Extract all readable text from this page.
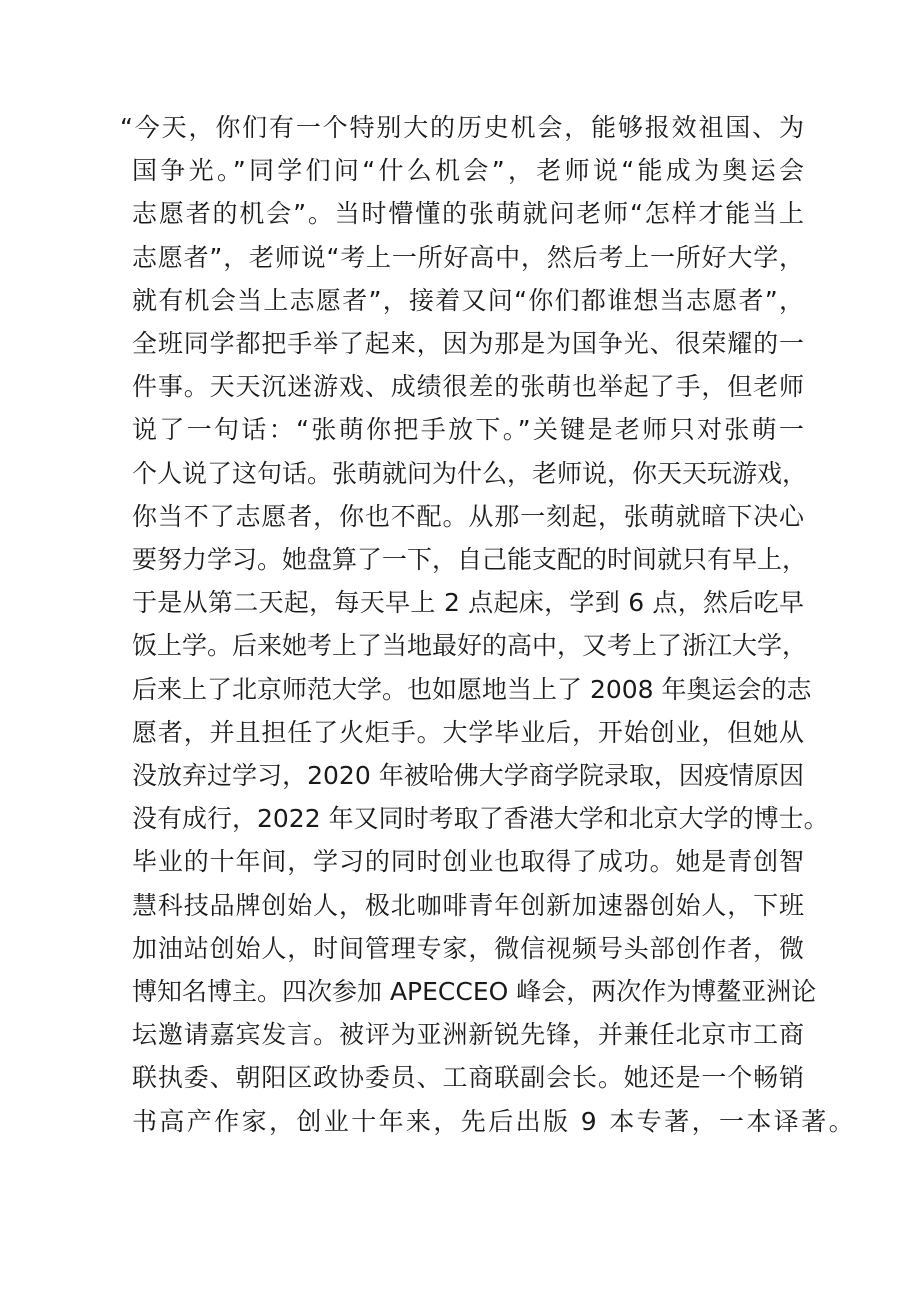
“今天，你们有一个特别大的历史机会，能够报效祖国、为
国争光。”同学们问“什么机会”，老师说“能成为奥运会
志愿者的机会”。当时懵懂的张萌就问老师“怎样才能当上
志愿者”，老师说“考上一所好高中，然后考上一所好大学，
就有机会当上志愿者”，接着又问“你们都谁想当志愿者”，
全班同学都把手举了起来，因为那是为国争光、很荣耀的一
件事。天天沉迷游戏、成绩很差的张萌也举起了手，但老师
说了一句话：“张萌你把手放下。”关键是老师只对张萌一
个人说了这句话。张萌就问为什么，老师说，你天天玩游戏，
你当不了志愿者，你也不配。从那一刻起，张萌就暗下决心
要努力学习。她盘算了一下，自己能支配的时间就只有早上，
于是从第二天起，每天早上 2 点起床，学到 6 点，然后吃早
饭上学。后来她考上了当地最好的高中，又考上了浙江大学，
后来上了北京师范大学。也如愿地当上了 2008 年奥运会的志
愿者，并且担任了火炬手。大学毕业后，开始创业，但她从
没放弃过学习，2020 年被哈佛大学商学院录取，因疫情原因
没有成行，2022 年又同时考取了香港大学和北京大学的博士。
毕业的十年间，学习的同时创业也取得了成功。她是青创智
慧科技品牌创始人，极北咖啡青年创新加速器创始人，下班
加油站创始人，时间管理专家，微信视频号头部创作者，微
博知名博主。四次参加 APECCEO 峰会，两次作为博鳌亚洲论
坛邀请嘉宾发言。被评为亚洲新锐先锋，并兼任北京市工商
联执委、朝阳区政协委员、工商联副会长。她还是一个畅销
书高产作家，创业十年来，先后出版 9 本专著，一本译著。
